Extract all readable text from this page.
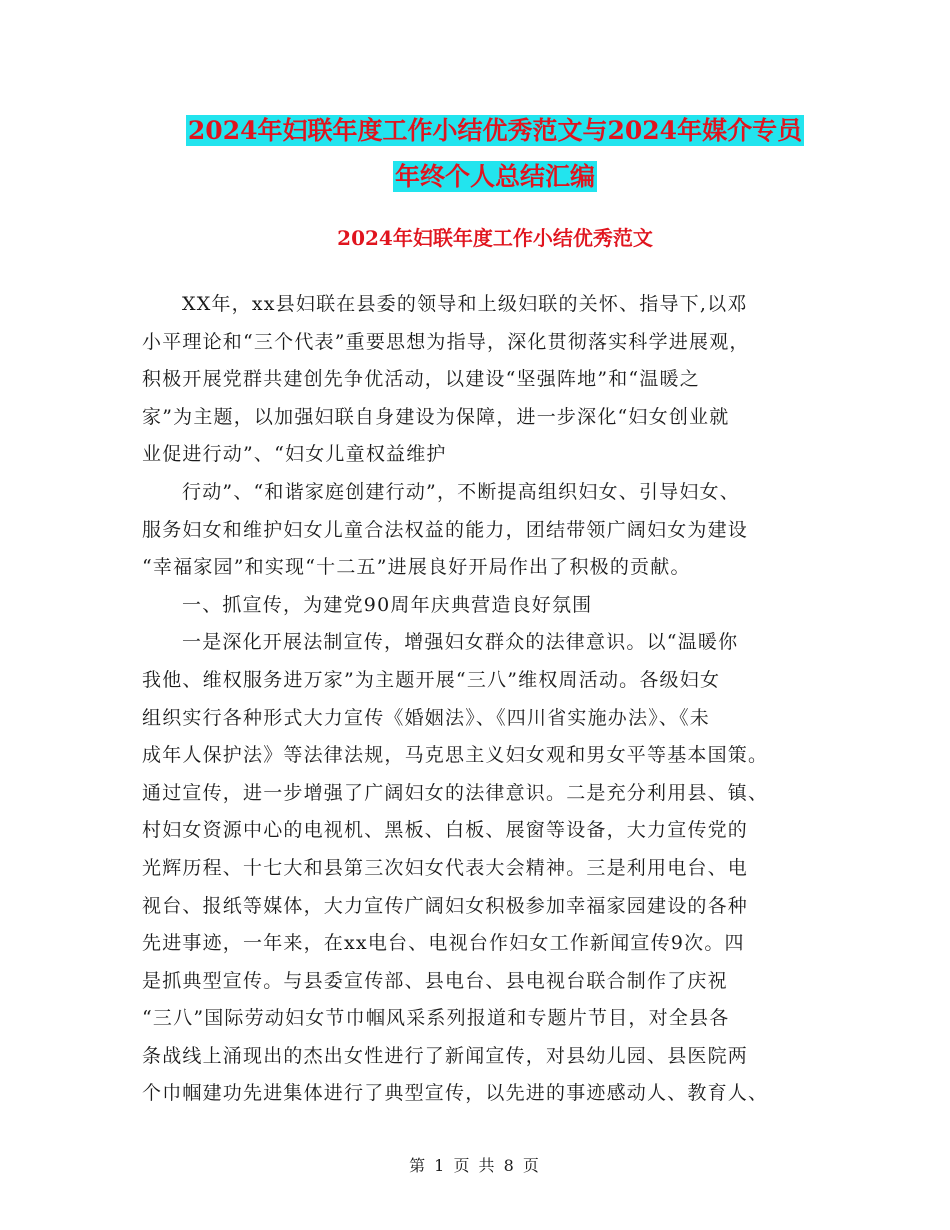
2024年妇联年度工作小结优秀范文与2024年媒介专员
年终个人总结汇编
2024年妇联年度工作小结优秀范文
XX年，xx县妇联在县委的领导和上级妇联的关怀、指导下,以邓
小平理论和“三个代表”重要思想为指导，深化贯彻落实科学进展观，
积极开展党群共建创先争优活动，以建设“坚强阵地”和“温暖之
家”为主题，以加强妇联自身建设为保障，进一步深化“妇女创业就
业促进行动”、“妇女儿童权益维护
行动”、“和谐家庭创建行动”，不断提高组织妇女、引导妇女、
服务妇女和维护妇女儿童合法权益的能力，团结带领广阔妇女为建设
“幸福家园”和实现“十二五”进展良好开局作出了积极的贡献。
一、抓宣传，为建党90周年庆典营造良好氛围
一是深化开展法制宣传，增强妇女群众的法律意识。以“温暖你
我他、维权服务进万家”为主题开展“三八”维权周活动。各级妇女
组织实行各种形式大力宣传《婚姻法》、《四川省实施办法》、《未
成年人保护法》等法律法规，马克思主义妇女观和男女平等基本国策。
通过宣传，进一步增强了广阔妇女的法律意识。二是充分利用县、镇、
村妇女资源中心的电视机、黑板、白板、展窗等设备，大力宣传党的
光辉历程、十七大和县第三次妇女代表大会精神。三是利用电台、电
视台、报纸等媒体，大力宣传广阔妇女积极参加幸福家园建设的各种
先进事迹，一年来，在xx电台、电视台作妇女工作新闻宣传9次。四
是抓典型宣传。与县委宣传部、县电台、县电视台联合制作了庆祝
“三八”国际劳动妇女节巾帼风采系列报道和专题片节目，对全县各
条战线上涌现出的杰出女性进行了新闻宣传，对县幼儿园、县医院两
个巾帼建功先进集体进行了典型宣传，以先进的事迹感动人、教育人、
第 1 页 共 8 页
